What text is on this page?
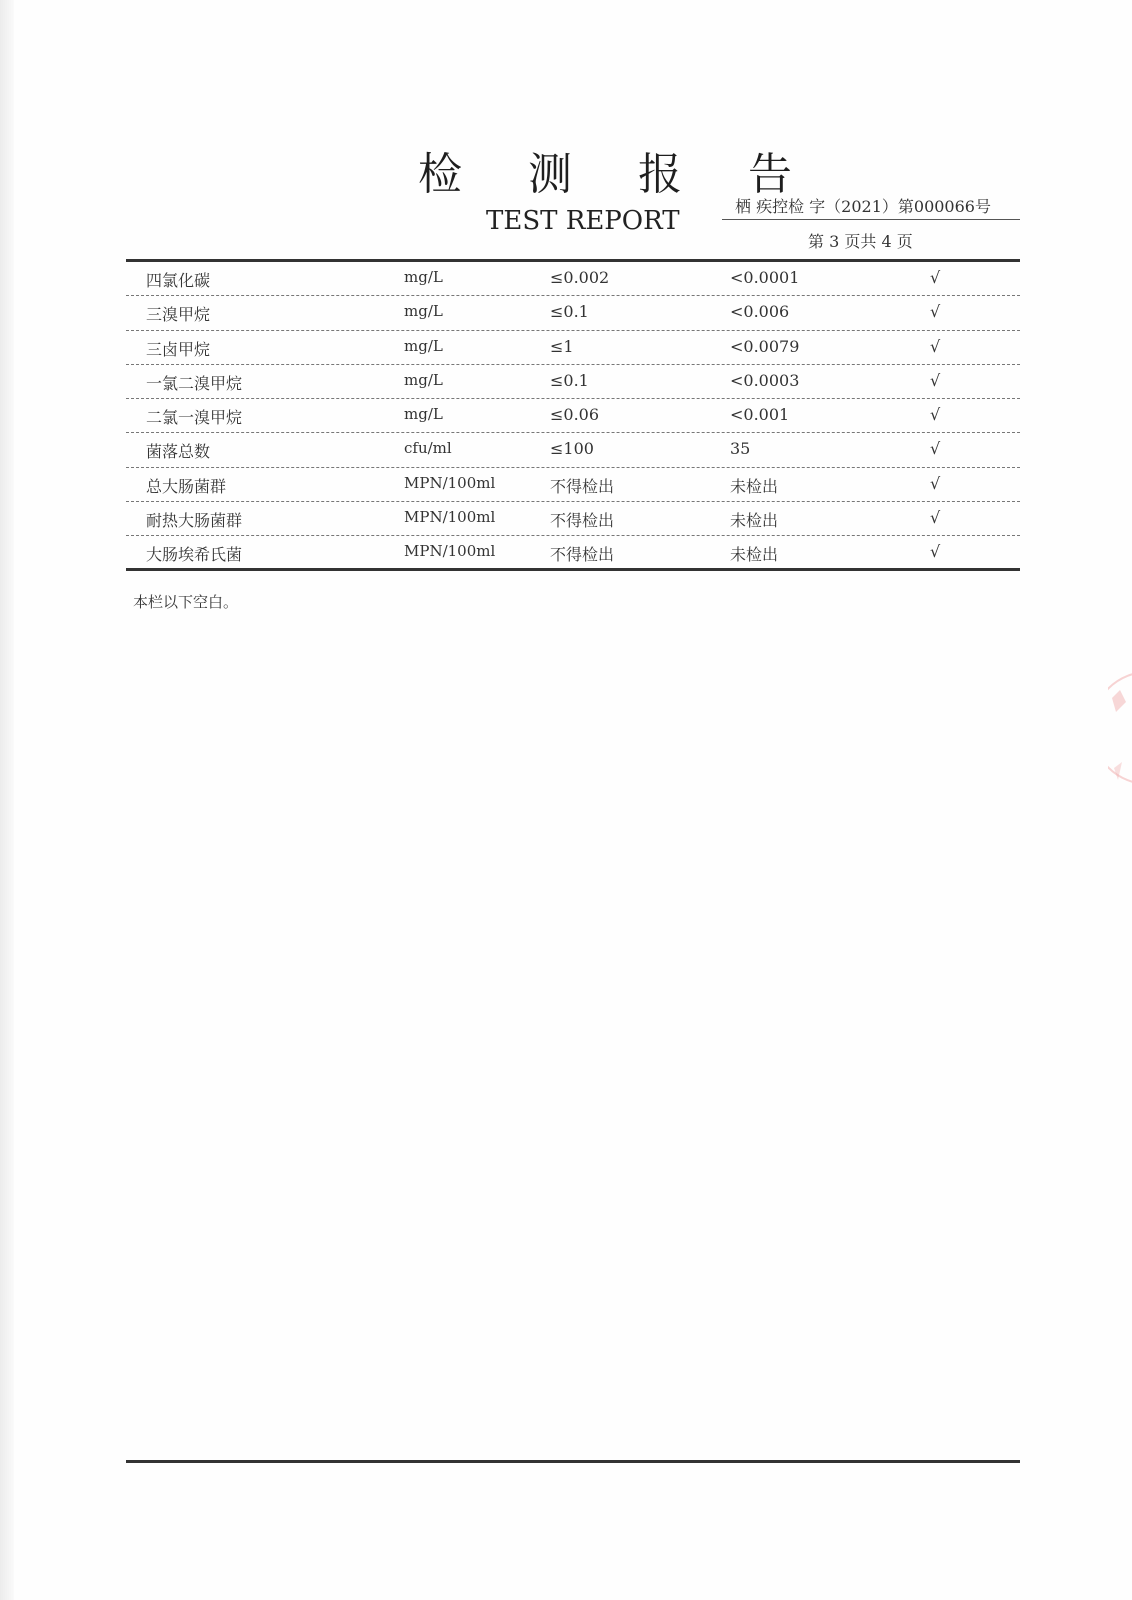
检 测 报 告
TEST REPORT	栖 疾控检 字（2021）第000066号
第 3 页共 4 页
四氯化碳	mg/L	≤0.002	<0.0001	√
三溴甲烷	mg/L	≤0.1	<0.006	√
三卤甲烷	mg/L	≤1	<0.0079	√
一氯二溴甲烷	mg/L	≤0.1	<0.0003	√
二氯一溴甲烷	mg/L	≤0.06	<0.001	√
菌落总数	cfu/ml	≤100	35	√
总大肠菌群	MPN/100ml	不得检出	未检出	√
耐热大肠菌群	MPN/100ml	不得检出	未检出	√
大肠埃希氏菌	MPN/100ml	不得检出	未检出	√
本栏以下空白。
